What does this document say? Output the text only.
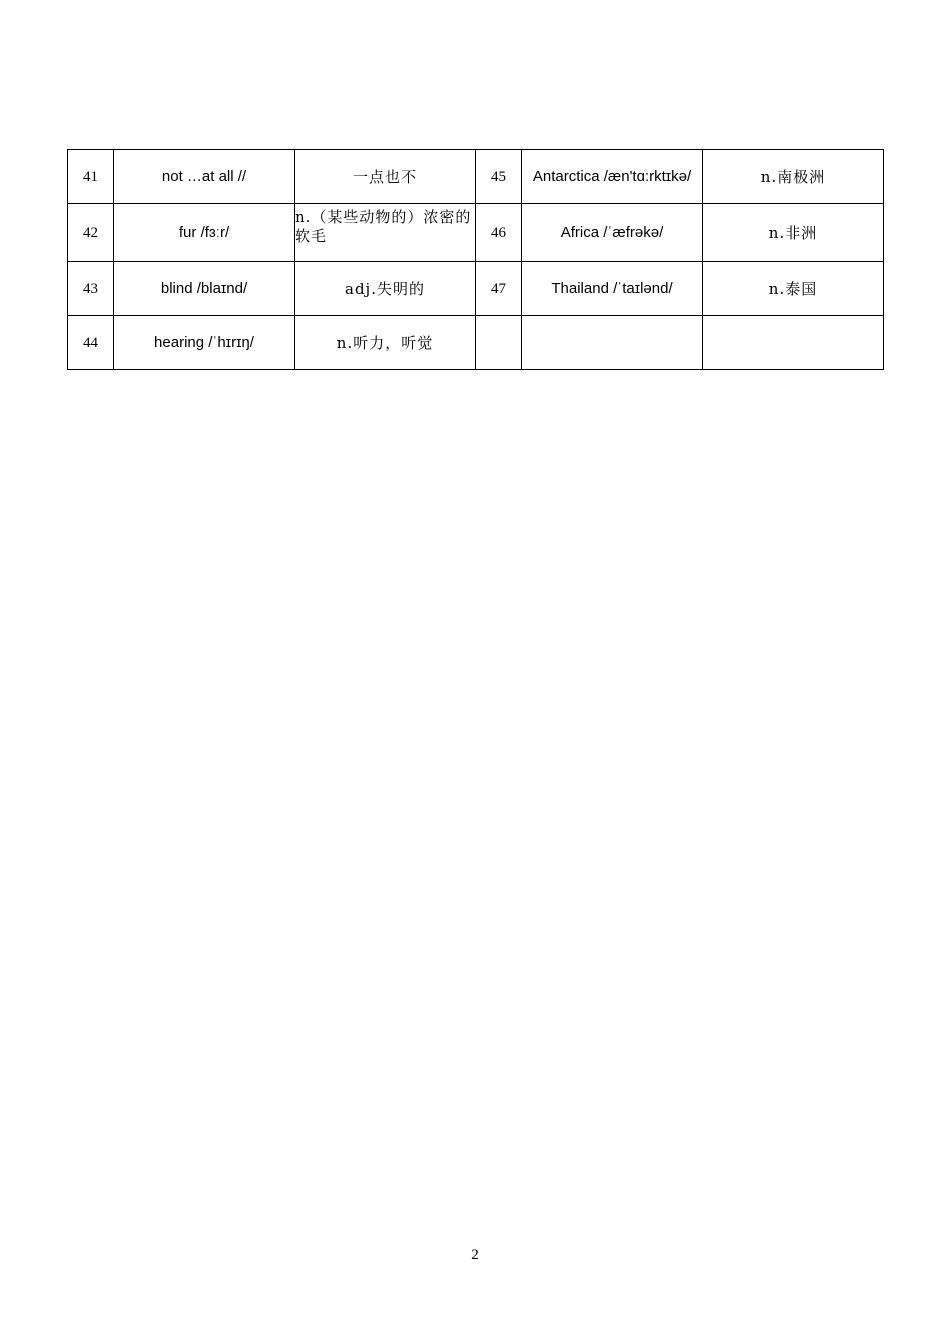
41	not …at all //	一点也不	45	Antarctica /æn'tɑ:rktɪkə/	n.南极洲
42	fur /fɜːr/	n.（某些动物的）浓密的软毛	46	Africa /ˈæfrəkə/	n.非洲
43	blind /blaɪnd/	adj.失明的	47	Thailand /ˈtaɪlənd/	n.泰国
44	hearing /ˈhɪrɪŋ/	n.听力，听觉			
2
